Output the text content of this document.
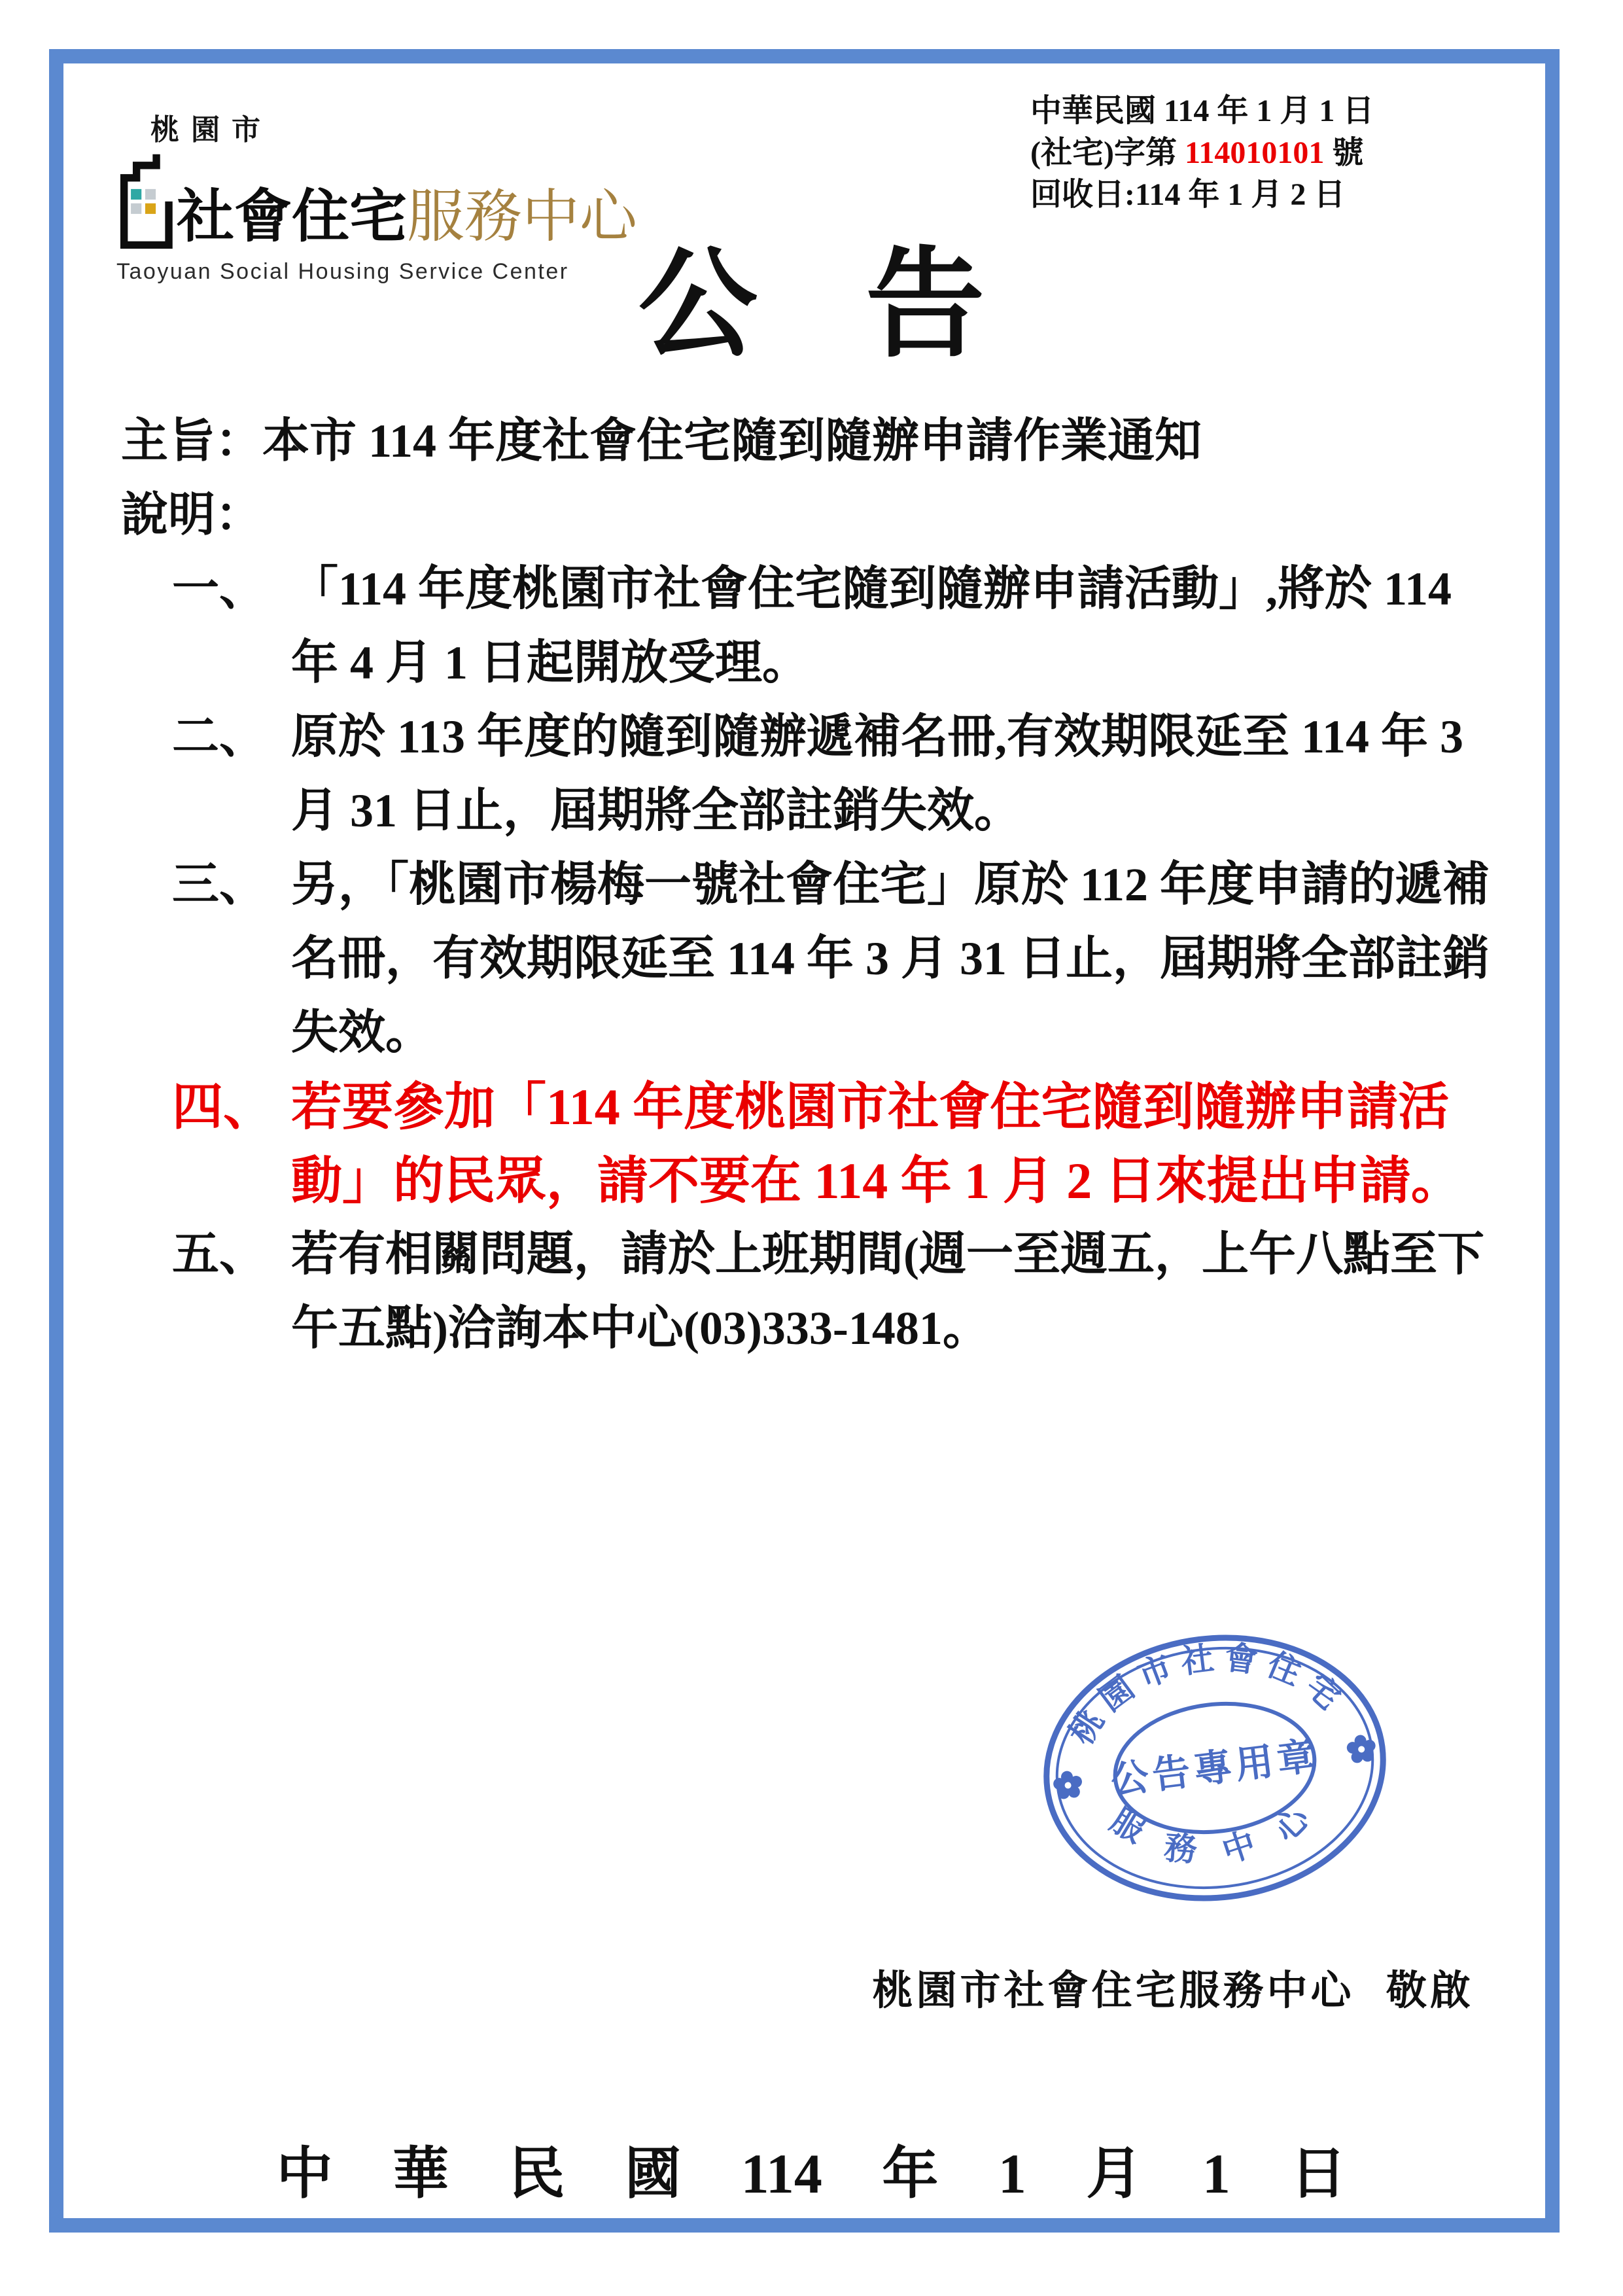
桃園市
社會住宅 服務中心
Taoyuan Social Housing Service Center
中華民國 114 年 1 月 1 日
(社宅)字第 114010101 號
回收日:114 年 1 月 2 日
公 告
主旨：本市 114 年度社會住宅隨到隨辦申請作業通知
說明：
一、 「114 年度桃園市社會住宅隨到隨辦申請活動」,將於 114 年 4 月 1 日起開放受理。
二、 原於 113 年度的隨到隨辦遞補名冊,有效期限延至 114 年 3 月 31 日止，屆期將全部註銷失效。
三、 另，「桃園市楊梅一號社會住宅」原於 112 年度申請的遞補名冊，有效期限延至 114 年 3 月 31 日止，屆期將全部註銷失效。
四、 若要參加「114 年度桃園市社會住宅隨到隨辦申請活動」的民眾，請不要在 114 年 1 月 2 日來提出申請。
五、 若有相關問題，請於上班期間(週一至週五，上午八點至下午五點)洽詢本中心(03)333-1481。
桃園市社會住宅
服務中心
公告專用章
桃園市社會住宅服務中心 敬啟
中 華 民 國 114 年 1 月 1 日
